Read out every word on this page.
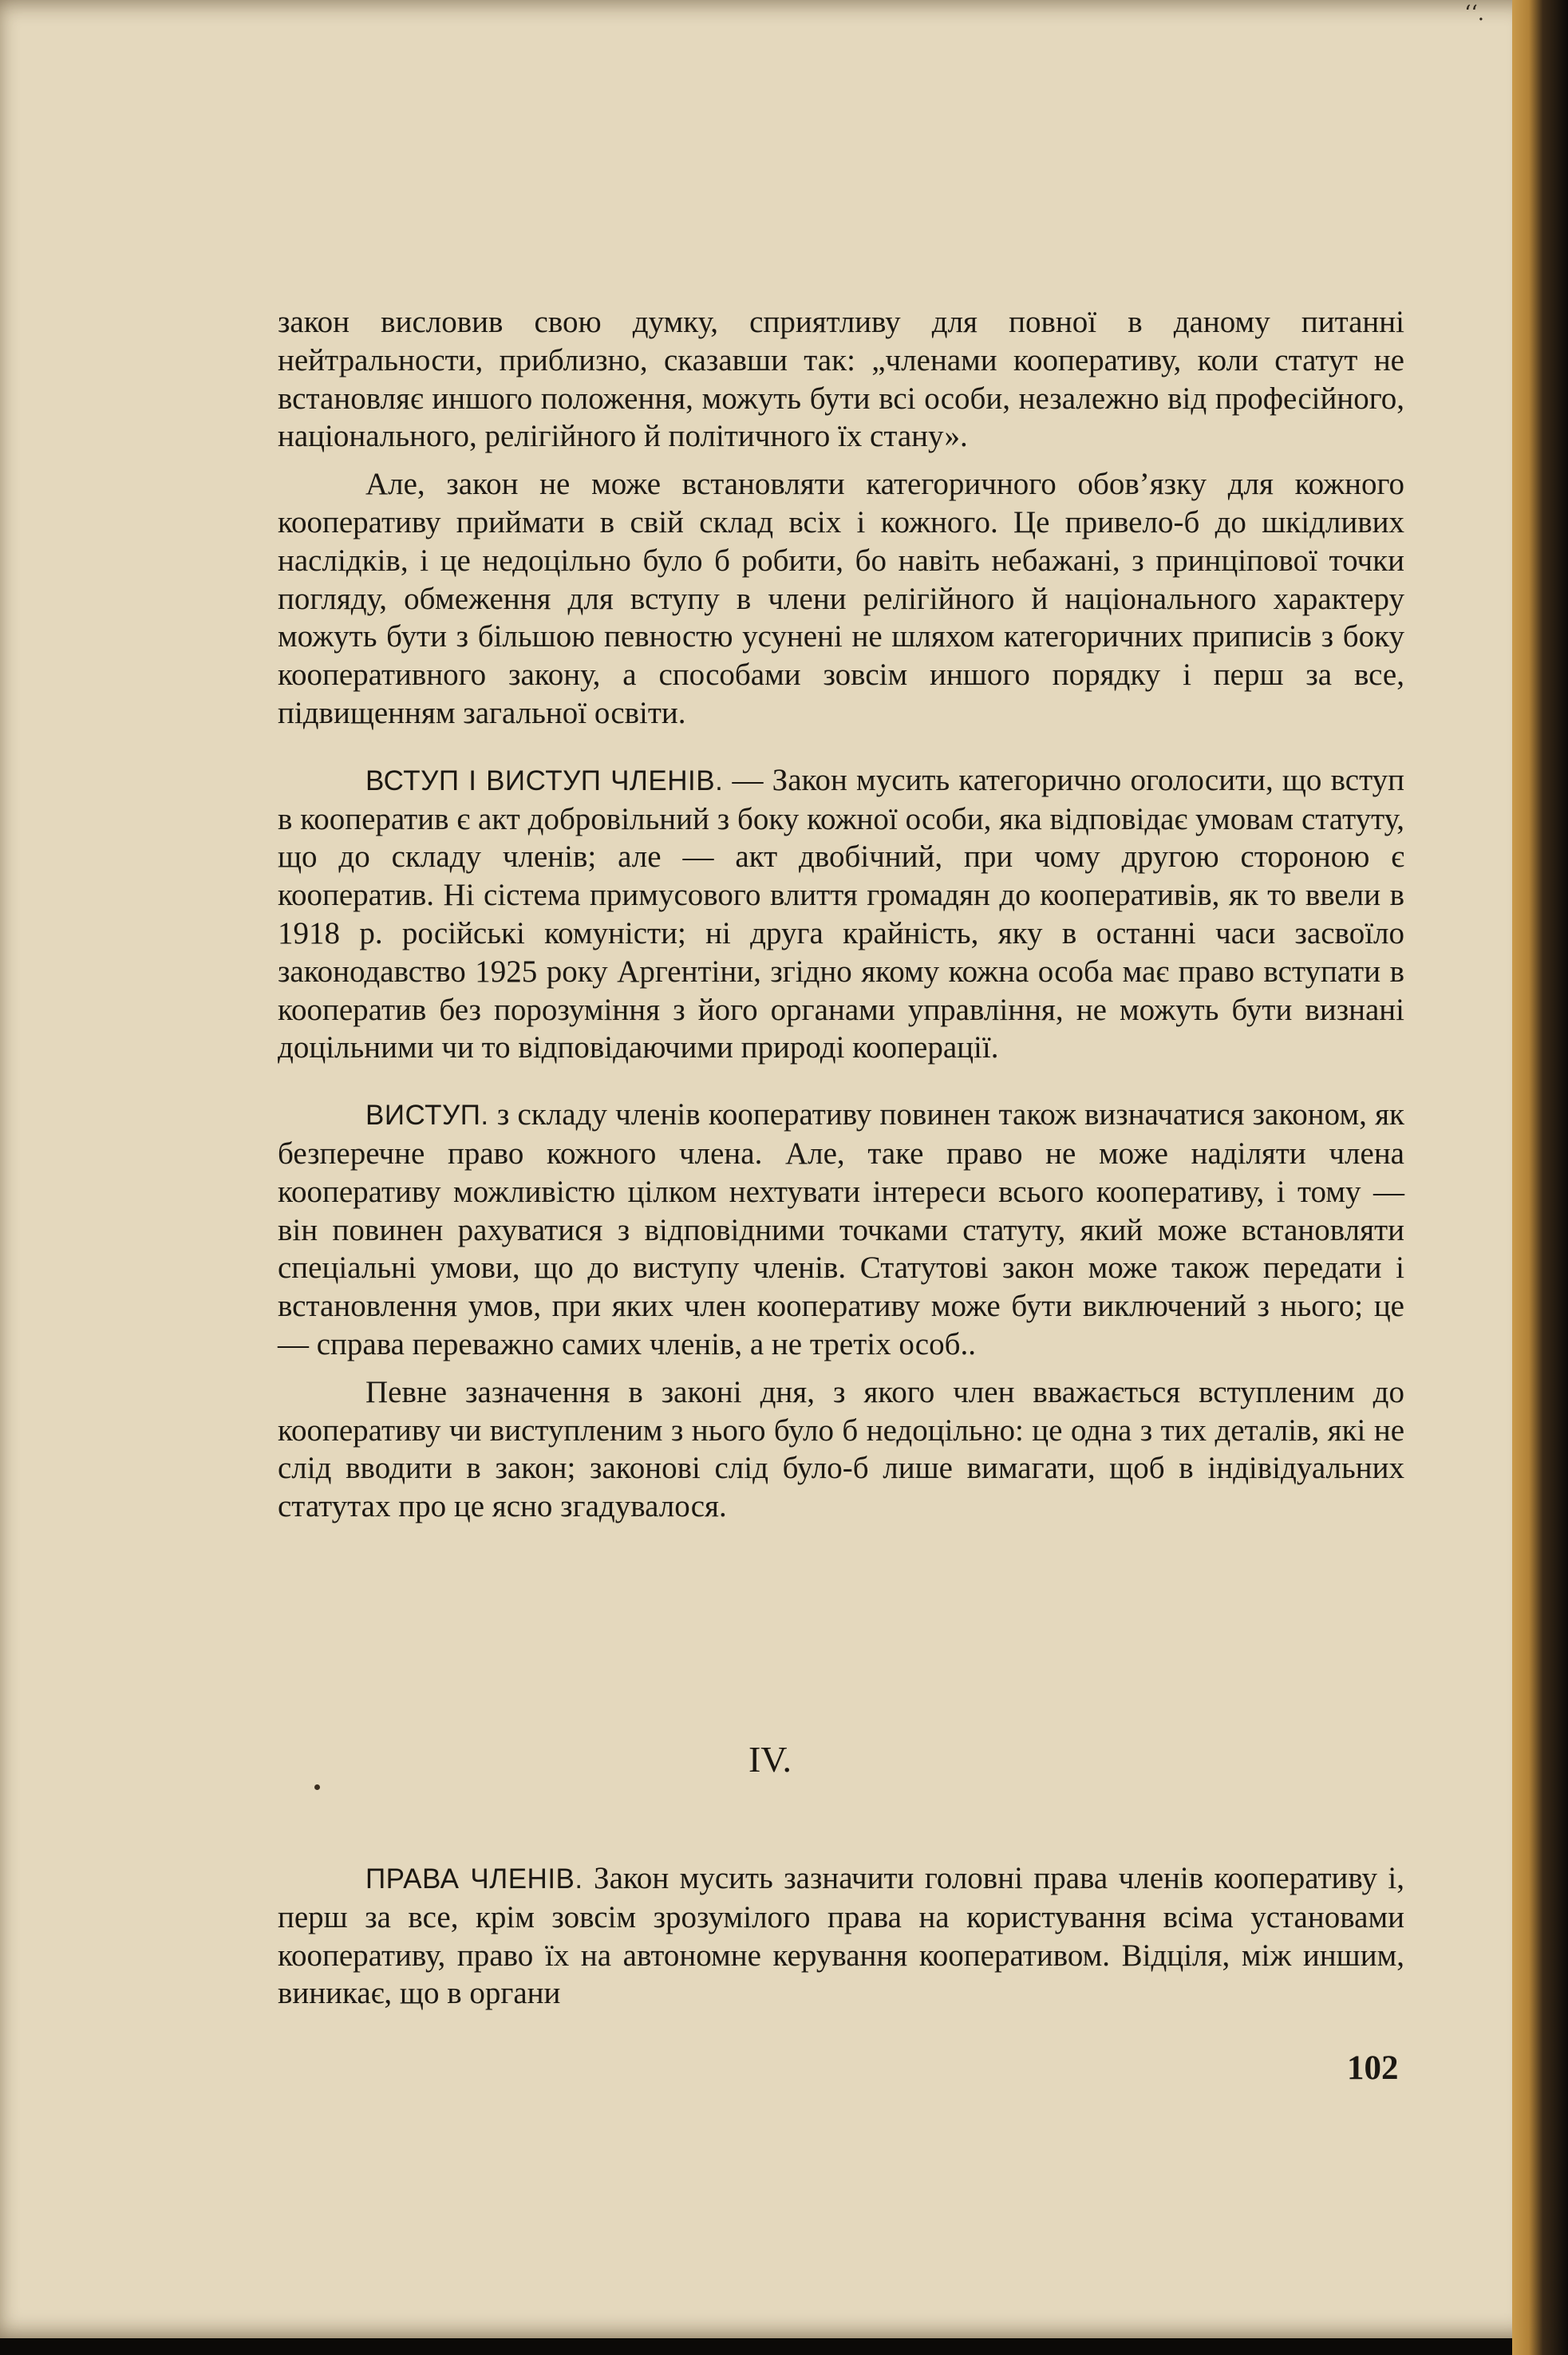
ʻʻ.

закон висловив свою думку, сприятливу для повної в даному питанні нейтральности, приблизно, сказавши так: „членами кооперативу, коли статут не встановляє иншого положення, можуть бути всі особи, незалежно від професійного, національного, релігійного й політичного їх стану».

Але, закон не може встановляти категоричного обов’язку для кожного кооперативу приймати в свій склад всіх і кожного. Це привело-б до шкідливих наслідків, і це недоцільно було б робити, бо навіть небажані, з принціпової точки погляду, обмеження для вступу в члени релігійного й національного характеру можуть бути з більшою певностю усунені не шляхом категоричних приписів з боку кооперативного закону, а способами зовсім иншого порядку і перш за все, підвищенням загальної освіти.

ВСТУП І ВИСТУП ЧЛЕНІВ. — Закон мусить категорично оголосити, що вступ в кооператив є акт добровільний з боку кожної особи, яка відповідає умовам статуту, що до складу членів; але — акт двобічний, при чому другою стороною є кооператив. Ні сістема примусового влиття громадян до кооперативів, як то ввели в 1918 р. російські комуністи; ні друга крайність, яку в останні часи засвоїло законодавство 1925 року Аргентіни, згідно якому кожна особа має право вступати в кооператив без порозуміння з його органами управління, не можуть бути визнані доцільними чи то відповідаючими природі кооперації.

ВИСТУП. з складу членів кооперативу повинен також визначатися законом, як безперечне право кожного члена. Але, таке право не може наділяти члена кооперативу можливістю цілком нехтувати інтереси всього кооперативу, і тому — він повинен рахуватися з відповідними точками статуту, який може встановляти спеціальні умови, що до виступу членів. Статутові закон може також передати і встановлення умов, при яких член кооперативу може бути виключений з нього; це — справа переважно самих членів, а не третіх особ..

Певне зазначення в законі дня, з якого член вважається вступленим до кооперативу чи виступленим з нього було б недоцільно: це одна з тих деталів, які не слід вводити в закон; законові слід було-б лише вимагати, щоб в індівідуальних статутах про це ясно згадувалося.

IV.

ПРАВА ЧЛЕНІВ. Закон мусить зазначити головні права членів кооперативу і, перш за все, крім зовсім зрозумілого права на користування всіма установами кооперативу, право їх на автономне керування кооперативом. Відціля, між иншим, виникає, що в органи

102
